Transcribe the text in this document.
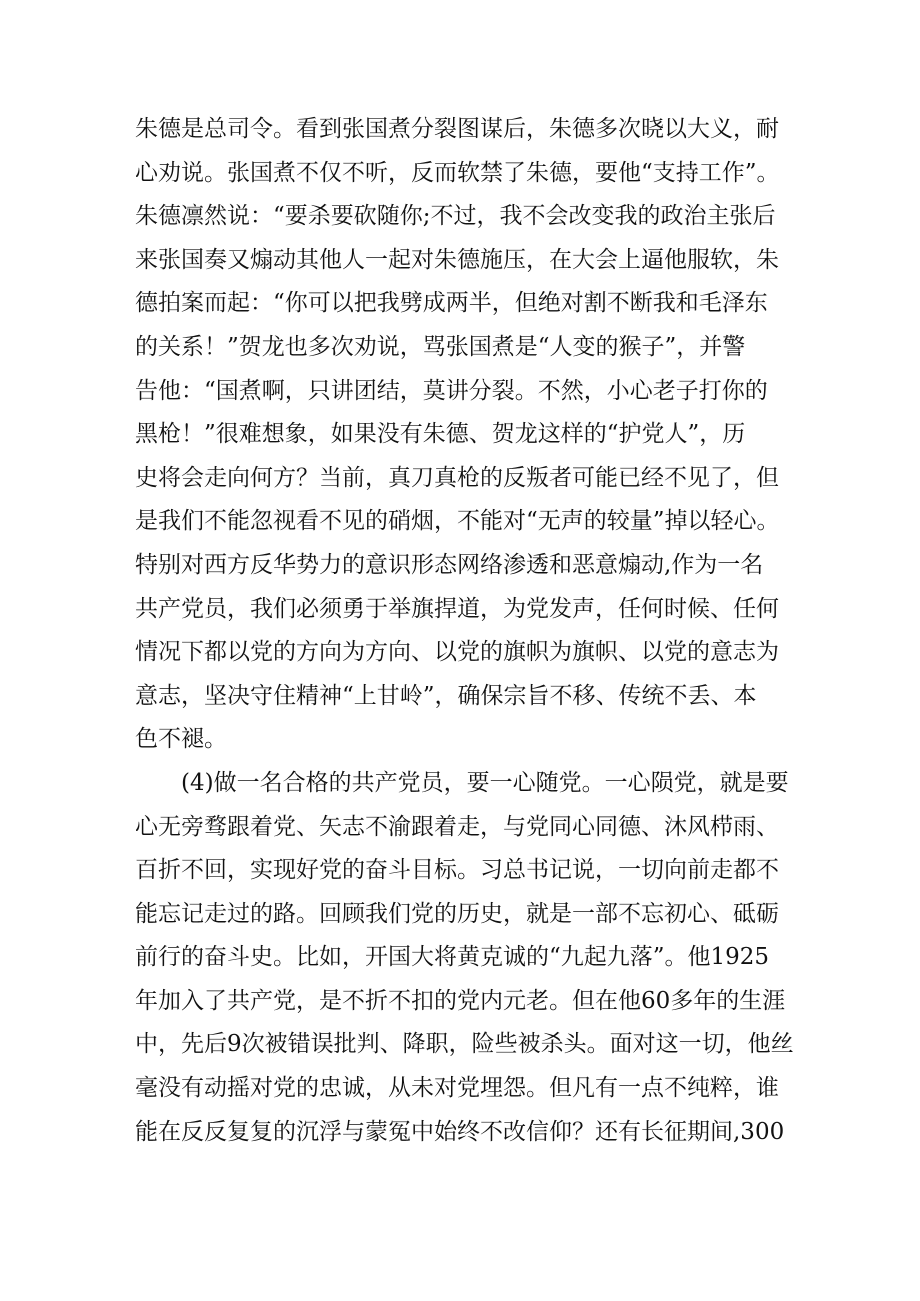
朱德是总司令。看到张国煮分裂图谋后，朱德多次晓以大义，耐
心劝说。张国煮不仅不听，反而软禁了朱德，要他“支持工作”。
朱德凛然说：“要杀要砍随你;不过，我不会改变我的政治主张后
来张国奏又煽动其他人一起对朱德施压，在大会上逼他服软，朱
德拍案而起：“你可以把我劈成两半，但绝对割不断我和毛泽东
的关系！”贺龙也多次劝说，骂张国煮是“人变的猴子”，并警
告他：“国煮啊，只讲团结，莫讲分裂。不然，小心老子打你的
黑枪！”很难想象，如果没有朱德、贺龙这样的“护党人”，历
史将会走向何方？当前，真刀真枪的反叛者可能已经不见了，但
是我们不能忽视看不见的硝烟，不能对“无声的较量”掉以轻心。
特别对西方反华势力的意识形态网络渗透和恶意煽动,作为一名
共产党员，我们必须勇于举旗捍道，为党发声，任何时候、任何
情况下都以党的方向为方向、以党的旗帜为旗帜、以党的意志为
意志，坚决守住精神“上甘岭”，确保宗旨不移、传统不丢、本
色不褪。
(4)做一名合格的共产党员，要一心随党。一心陨党，就是要
心无旁骛跟着党、矢志不渝跟着走，与党同心同德、沐风栉雨、
百折不回，实现好党的奋斗目标。习总书记说，一切向前走都不
能忘记走过的路。回顾我们党的历史，就是一部不忘初心、砥砺
前行的奋斗史。比如，开国大将黄克诚的“九起九落”。他1925
年加入了共产党，是不折不扣的党内元老。但在他60多年的生涯
中，先后9次被错误批判、降职，险些被杀头。面对这一切，他丝
毫没有动摇对党的忠诚，从未对党埋怨。但凡有一点不纯粹，谁
能在反反复复的沉浮与蒙冤中始终不改信仰？还有长征期间,300
